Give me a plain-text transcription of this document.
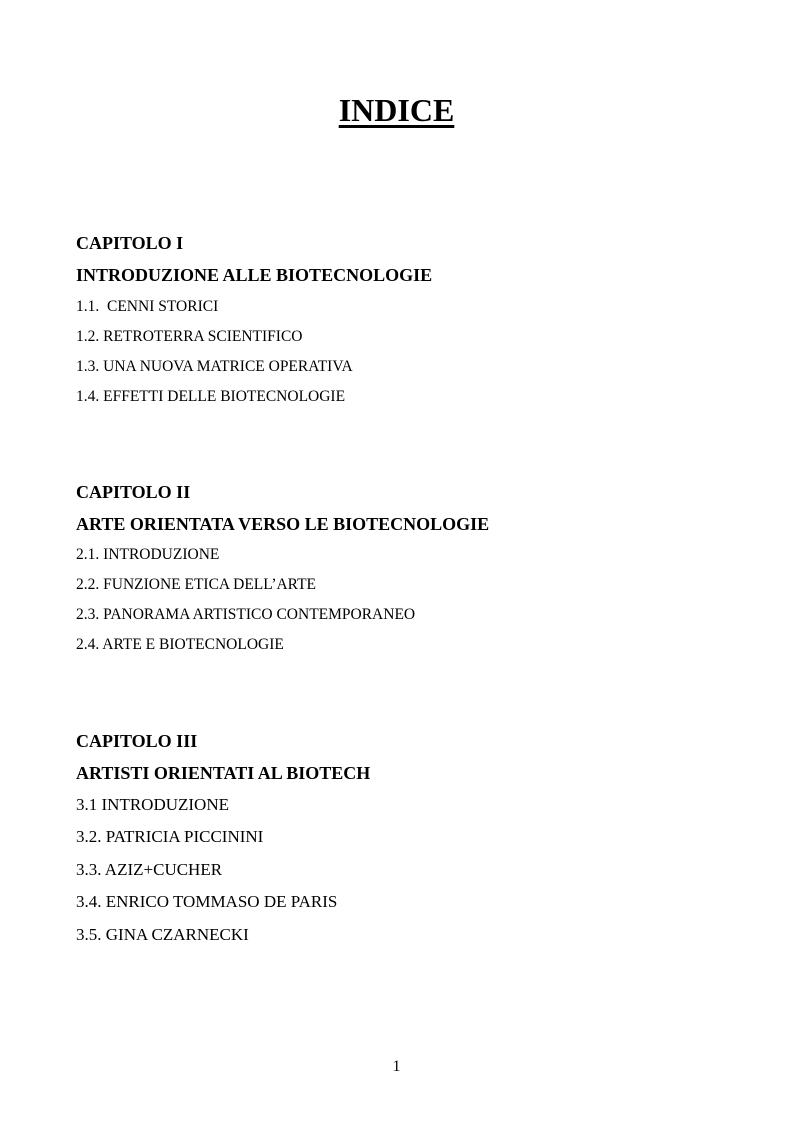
INDICE
CAPITOLO I
INTRODUZIONE ALLE BIOTECNOLOGIE
1.1.  CENNI STORICI
1.2. RETROTERRA SCIENTIFICO
1.3. UNA NUOVA MATRICE OPERATIVA
1.4. EFFETTI DELLE BIOTECNOLOGIE
CAPITOLO II
ARTE ORIENTATA VERSO LE BIOTECNOLOGIE
2.1. INTRODUZIONE
2.2. FUNZIONE ETICA DELL’ARTE
2.3. PANORAMA ARTISTICO CONTEMPORANEO
2.4. ARTE E BIOTECNOLOGIE
CAPITOLO III
ARTISTI ORIENTATI AL BIOTECH
3.1 INTRODUZIONE
3.2. PATRICIA PICCININI
3.3. AZIZ+CUCHER
3.4. ENRICO TOMMASO DE PARIS
3.5. GINA CZARNECKI
1
